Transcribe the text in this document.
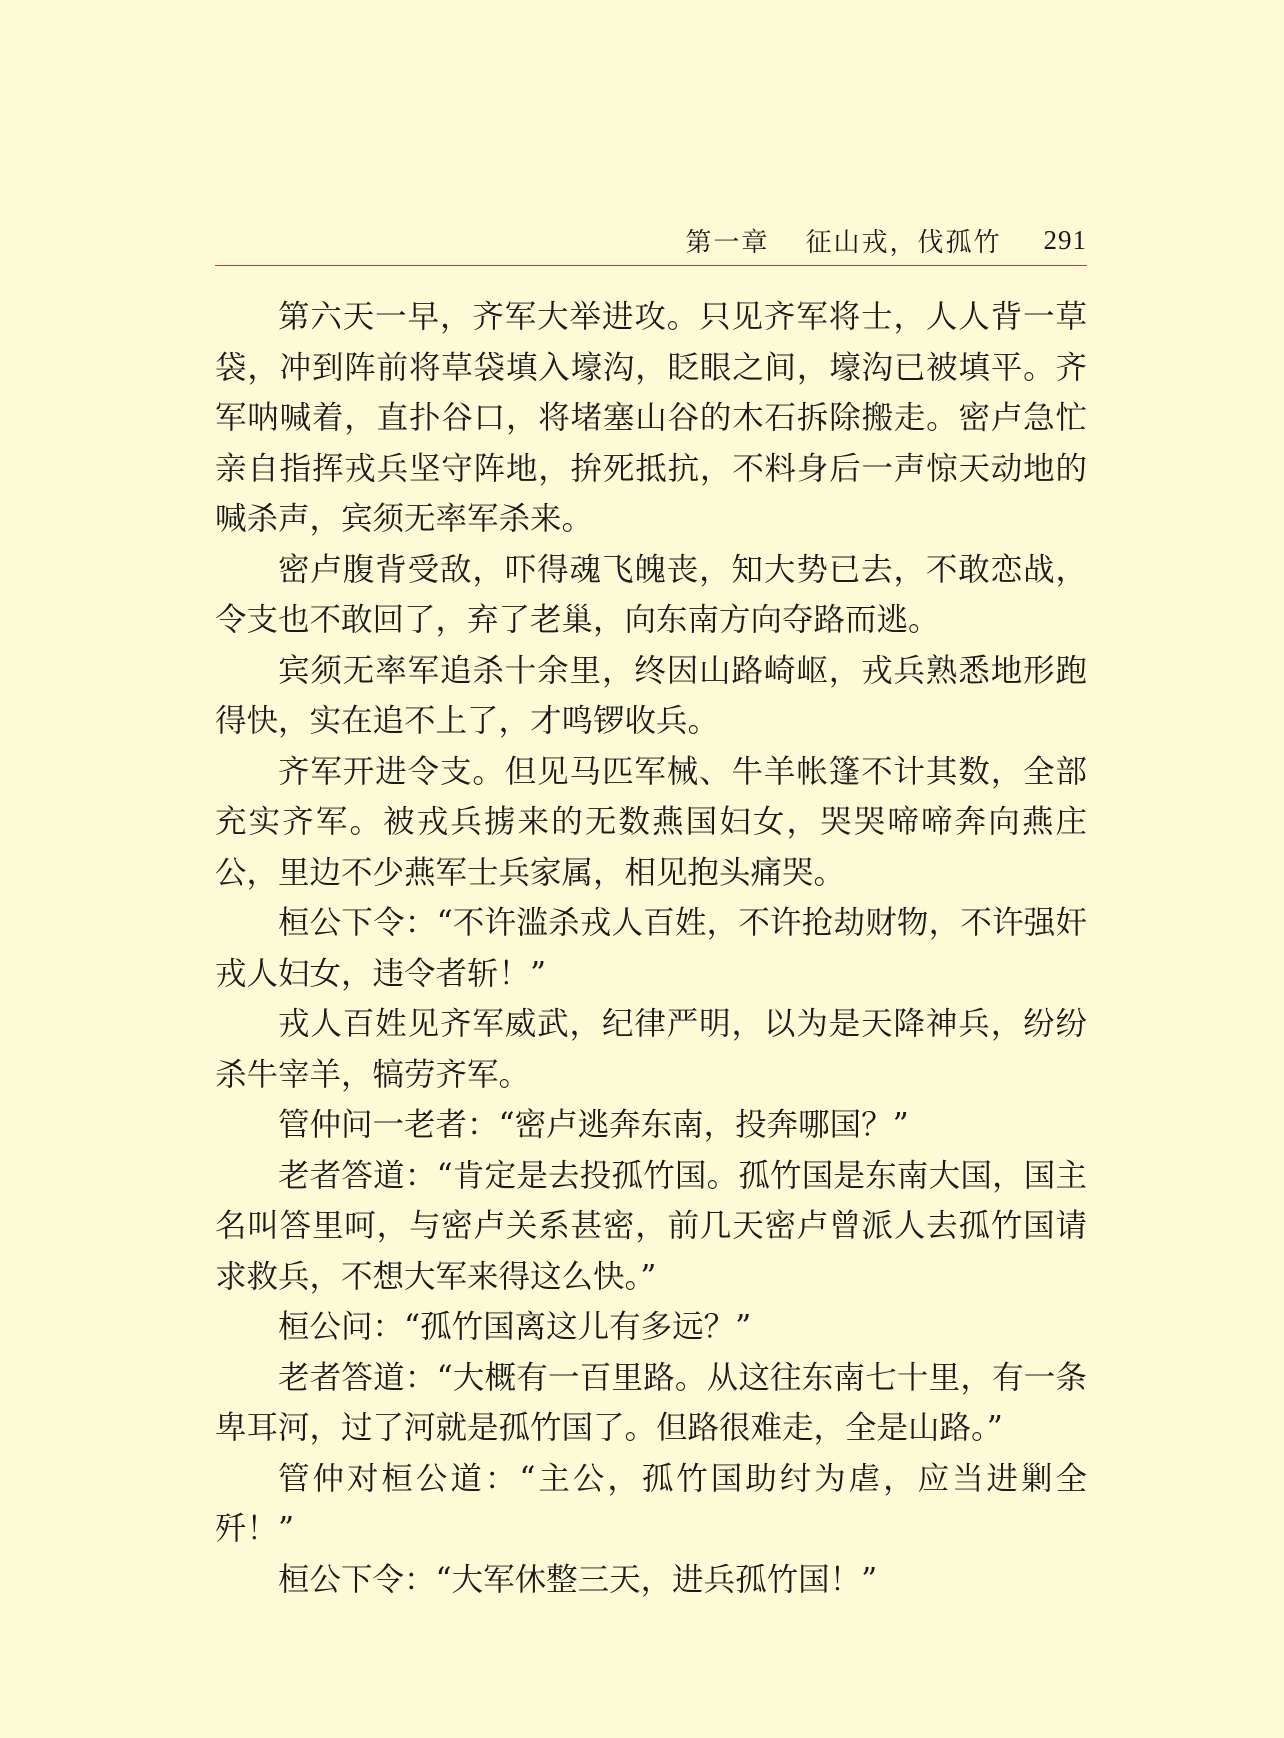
第一章 征山戎，伐孤竹 291

第六天一早，齐军大举进攻。只见齐军将士，人人背一草袋，冲到阵前将草袋填入壕沟，眨眼之间，壕沟已被填平。齐军呐喊着，直扑谷口，将堵塞山谷的木石拆除搬走。密卢急忙亲自指挥戎兵坚守阵地，拚死抵抗，不料身后一声惊天动地的喊杀声，宾须无率军杀来。

密卢腹背受敌，吓得魂飞魄丧，知大势已去，不敢恋战，令支也不敢回了，弃了老巢，向东南方向夺路而逃。

宾须无率军追杀十余里，终因山路崎岖，戎兵熟悉地形跑得快，实在追不上了，才鸣锣收兵。

齐军开进令支。但见马匹军械、牛羊帐篷不计其数，全部充实齐军。被戎兵掳来的无数燕国妇女，哭哭啼啼奔向燕庄公，里边不少燕军士兵家属，相见抱头痛哭。

桓公下令：“不许滥杀戎人百姓，不许抢劫财物，不许强奸戎人妇女，违令者斩！”

戎人百姓见齐军威武，纪律严明，以为是天降神兵，纷纷杀牛宰羊，犒劳齐军。

管仲问一老者：“密卢逃奔东南，投奔哪国？”

老者答道：“肯定是去投孤竹国。孤竹国是东南大国，国主名叫答里呵，与密卢关系甚密，前几天密卢曾派人去孤竹国请求救兵，不想大军来得这么快。”

桓公问：“孤竹国离这儿有多远？”

老者答道：“大概有一百里路。从这往东南七十里，有一条卑耳河，过了河就是孤竹国了。但路很难走，全是山路。”

管仲对桓公道：“主公，孤竹国助纣为虐，应当进剿全歼！”

桓公下令：“大军休整三天，进兵孤竹国！”
